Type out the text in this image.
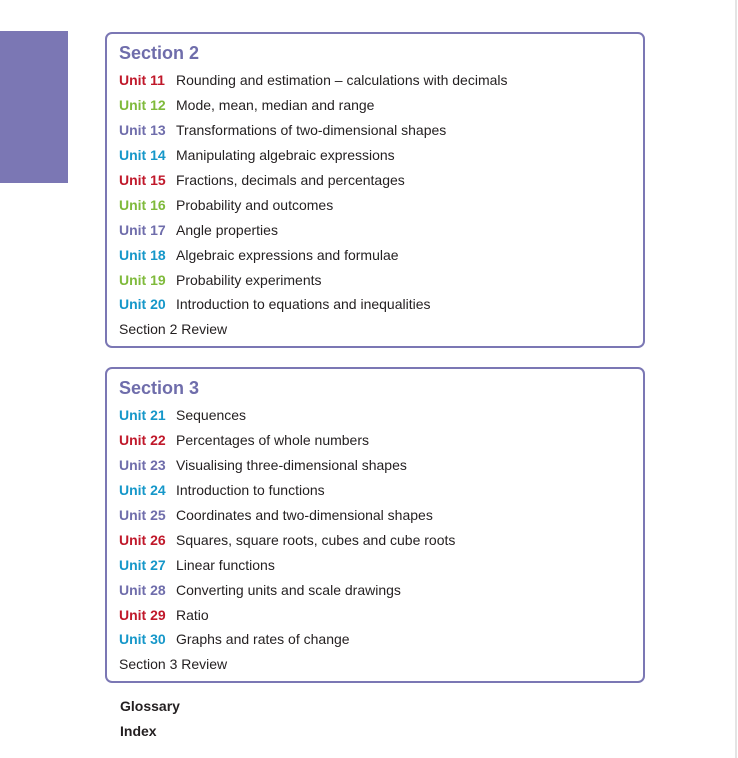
Section 2
Unit 11 Rounding and estimation – calculations with decimals
Unit 12 Mode, mean, median and range
Unit 13 Transformations of two-dimensional shapes
Unit 14 Manipulating algebraic expressions
Unit 15 Fractions, decimals and percentages
Unit 16 Probability and outcomes
Unit 17 Angle properties
Unit 18 Algebraic expressions and formulae
Unit 19 Probability experiments
Unit 20 Introduction to equations and inequalities
Section 2 Review
Section 3
Unit 21 Sequences
Unit 22 Percentages of whole numbers
Unit 23 Visualising three-dimensional shapes
Unit 24 Introduction to functions
Unit 25 Coordinates and two-dimensional shapes
Unit 26 Squares, square roots, cubes and cube roots
Unit 27 Linear functions
Unit 28 Converting units and scale drawings
Unit 29 Ratio
Unit 30 Graphs and rates of change
Section 3 Review
Glossary
Index
